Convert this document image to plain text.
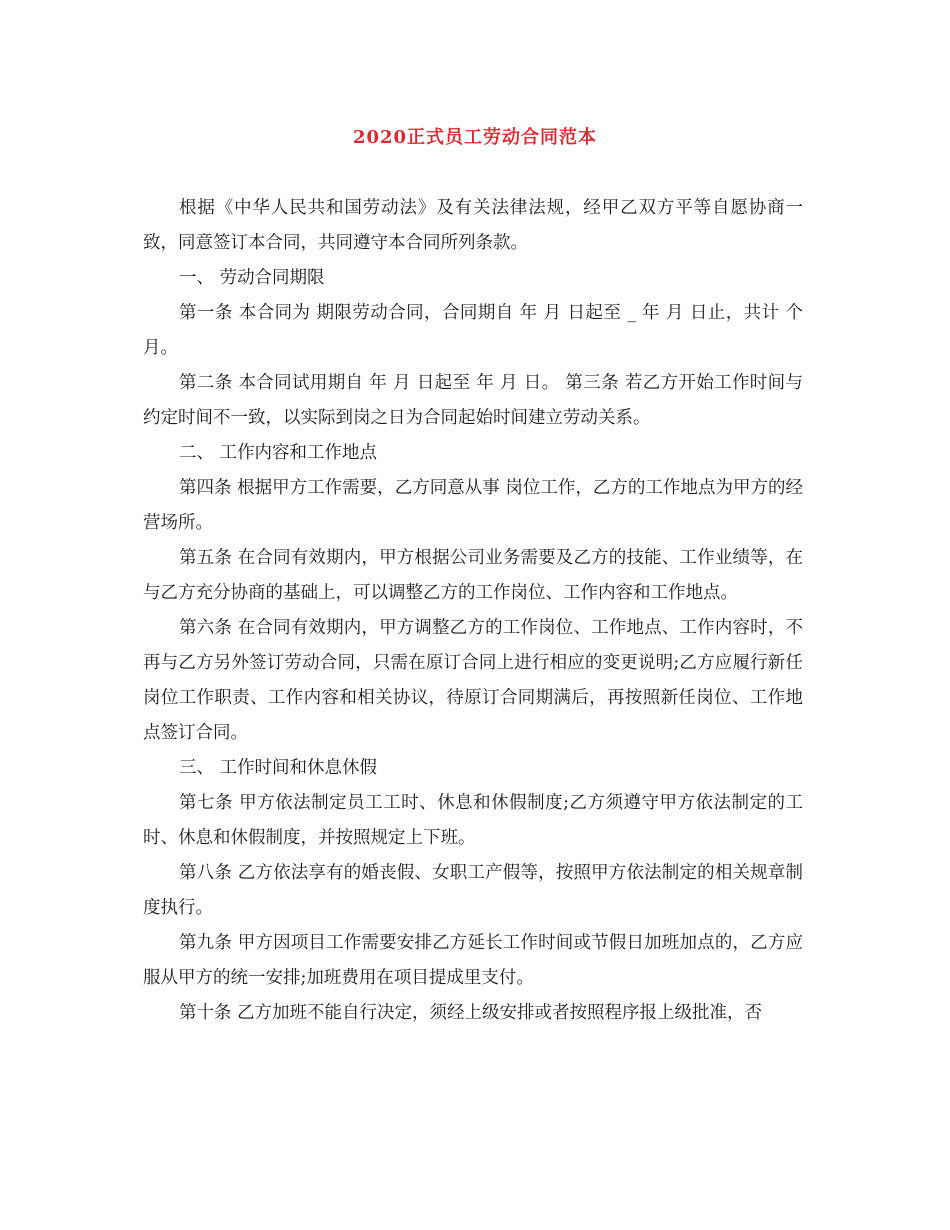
2020正式员工劳动合同范本

根据《中华人民共和国劳动法》及有关法律法规，经甲乙双方平等自愿协商一致，同意签订本合同，共同遵守本合同所列条款。

一、 劳动合同期限

第一条 本合同为 期限劳动合同，合同期自 年 月 日起至 _ 年 月 日止，共计 个月。

第二条 本合同试用期自 年 月 日起至 年 月 日。 第三条 若乙方开始工作时间与约定时间不一致，以实际到岗之日为合同起始时间建立劳动关系。

二、 工作内容和工作地点

第四条 根据甲方工作需要，乙方同意从事 岗位工作，乙方的工作地点为甲方的经营场所。

第五条 在合同有效期内，甲方根据公司业务需要及乙方的技能、工作业绩等，在与乙方充分协商的基础上，可以调整乙方的工作岗位、工作内容和工作地点。

第六条 在合同有效期内，甲方调整乙方的工作岗位、工作地点、工作内容时，不再与乙方另外签订劳动合同，只需在原订合同上进行相应的变更说明;乙方应履行新任岗位工作职责、工作内容和相关协议，待原订合同期满后，再按照新任岗位、工作地点签订合同。

三、 工作时间和休息休假

第七条 甲方依法制定员工工时、休息和休假制度;乙方须遵守甲方依法制定的工时、休息和休假制度，并按照规定上下班。

第八条 乙方依法享有的婚丧假、女职工产假等，按照甲方依法制定的相关规章制度执行。

第九条 甲方因项目工作需要安排乙方延长工作时间或节假日加班加点的，乙方应服从甲方的统一安排;加班费用在项目提成里支付。

第十条 乙方加班不能自行决定，须经上级安排或者按照程序报上级批准，否
